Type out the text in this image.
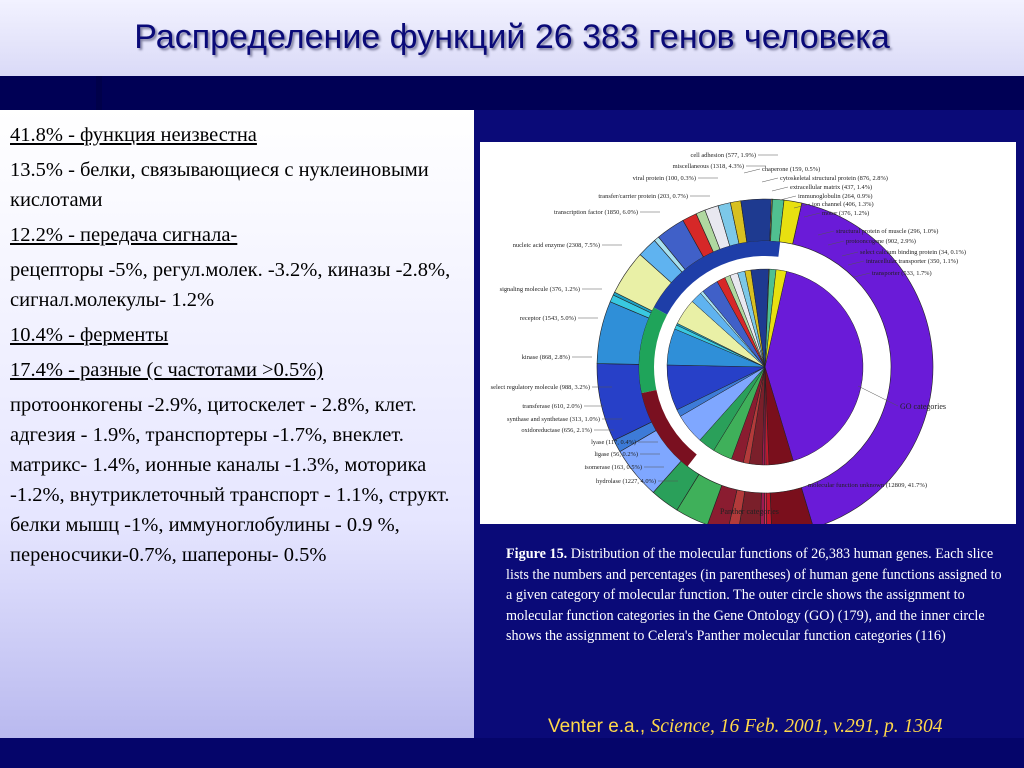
Распределение функций 26 383 генов человека

41.8% - функция неизвестна

13.5% - белки, связывающиеся с нуклеиновыми кислотами

12.2% - передача сигнала-

рецепторы -5%, регул.молек. -3.2%, киназы -2.8%, сигнал.молекулы- 1.2%

10.4% - ферменты

17.4% - разные (с частотами >0.5%)

протоонкогены -2.9%, цитоскелет - 2.8%, клет. адгезия - 1.9%, транспортеры -1.7%, внеклет. матрикс- 1.4%, ионные каналы -1.3%, моторика -1.2%, внутриклеточный транспорт - 1.1%, структ. белки мышц -1%, иммуноглобулины - 0.9 %, переносчики-0.7%, шапероны- 0.5%

cell adhesion (577, 1.9%)
miscellaneous (1318, 4.3%)
viral protein (100, 0.3%)
transfer/carrier protein (203, 0.7%)
transcription factor (1850, 6.0%)
nucleic acid enzyme (2308, 7.5%)
signaling molecule (376, 1.2%)
receptor (1543, 5.0%)
kinase (868, 2.8%)
select regulatory molecule (988, 3.2%)
transferase (610, 2.0%)
synthase and synthetase (313, 1.0%)
oxidoreductase (656, 2.1%)
lyase (117, 0.4%)
ligase (56, 0.2%)
isomerase (163, 0.5%)
hydrolase (1227, 4.0%)
chaperone (159, 0.5%)
cytoskeletal structural protein (876, 2.8%)
extracellular matrix (437, 1.4%)
immunoglobulin (264, 0.9%)
ion channel (406, 1.3%)
motor (376, 1.2%)
structural protein of muscle (296, 1.0%)
protooncogene (902, 2.9%)
select calcium binding protein (34, 0.1%)
intracellular transporter (350, 1.1%)
transporter (533, 1.7%)
GO categories
molecular function unknown (12809, 41.7%)
Panther categories
Figure 15. Distribution of the molecular functions of 26,383 human genes. Each slice lists the numbers and percentages (in parentheses) of human gene functions assigned to a given category of molecular function. The outer circle shows the assignment to molecular function categories in the Gene Ontology (GO) (179), and the inner circle shows the assignment to Celera's Panther molecular function categories (116)
Venter e.a., Science, 16 Feb. 2001, v.291, p. 1304
